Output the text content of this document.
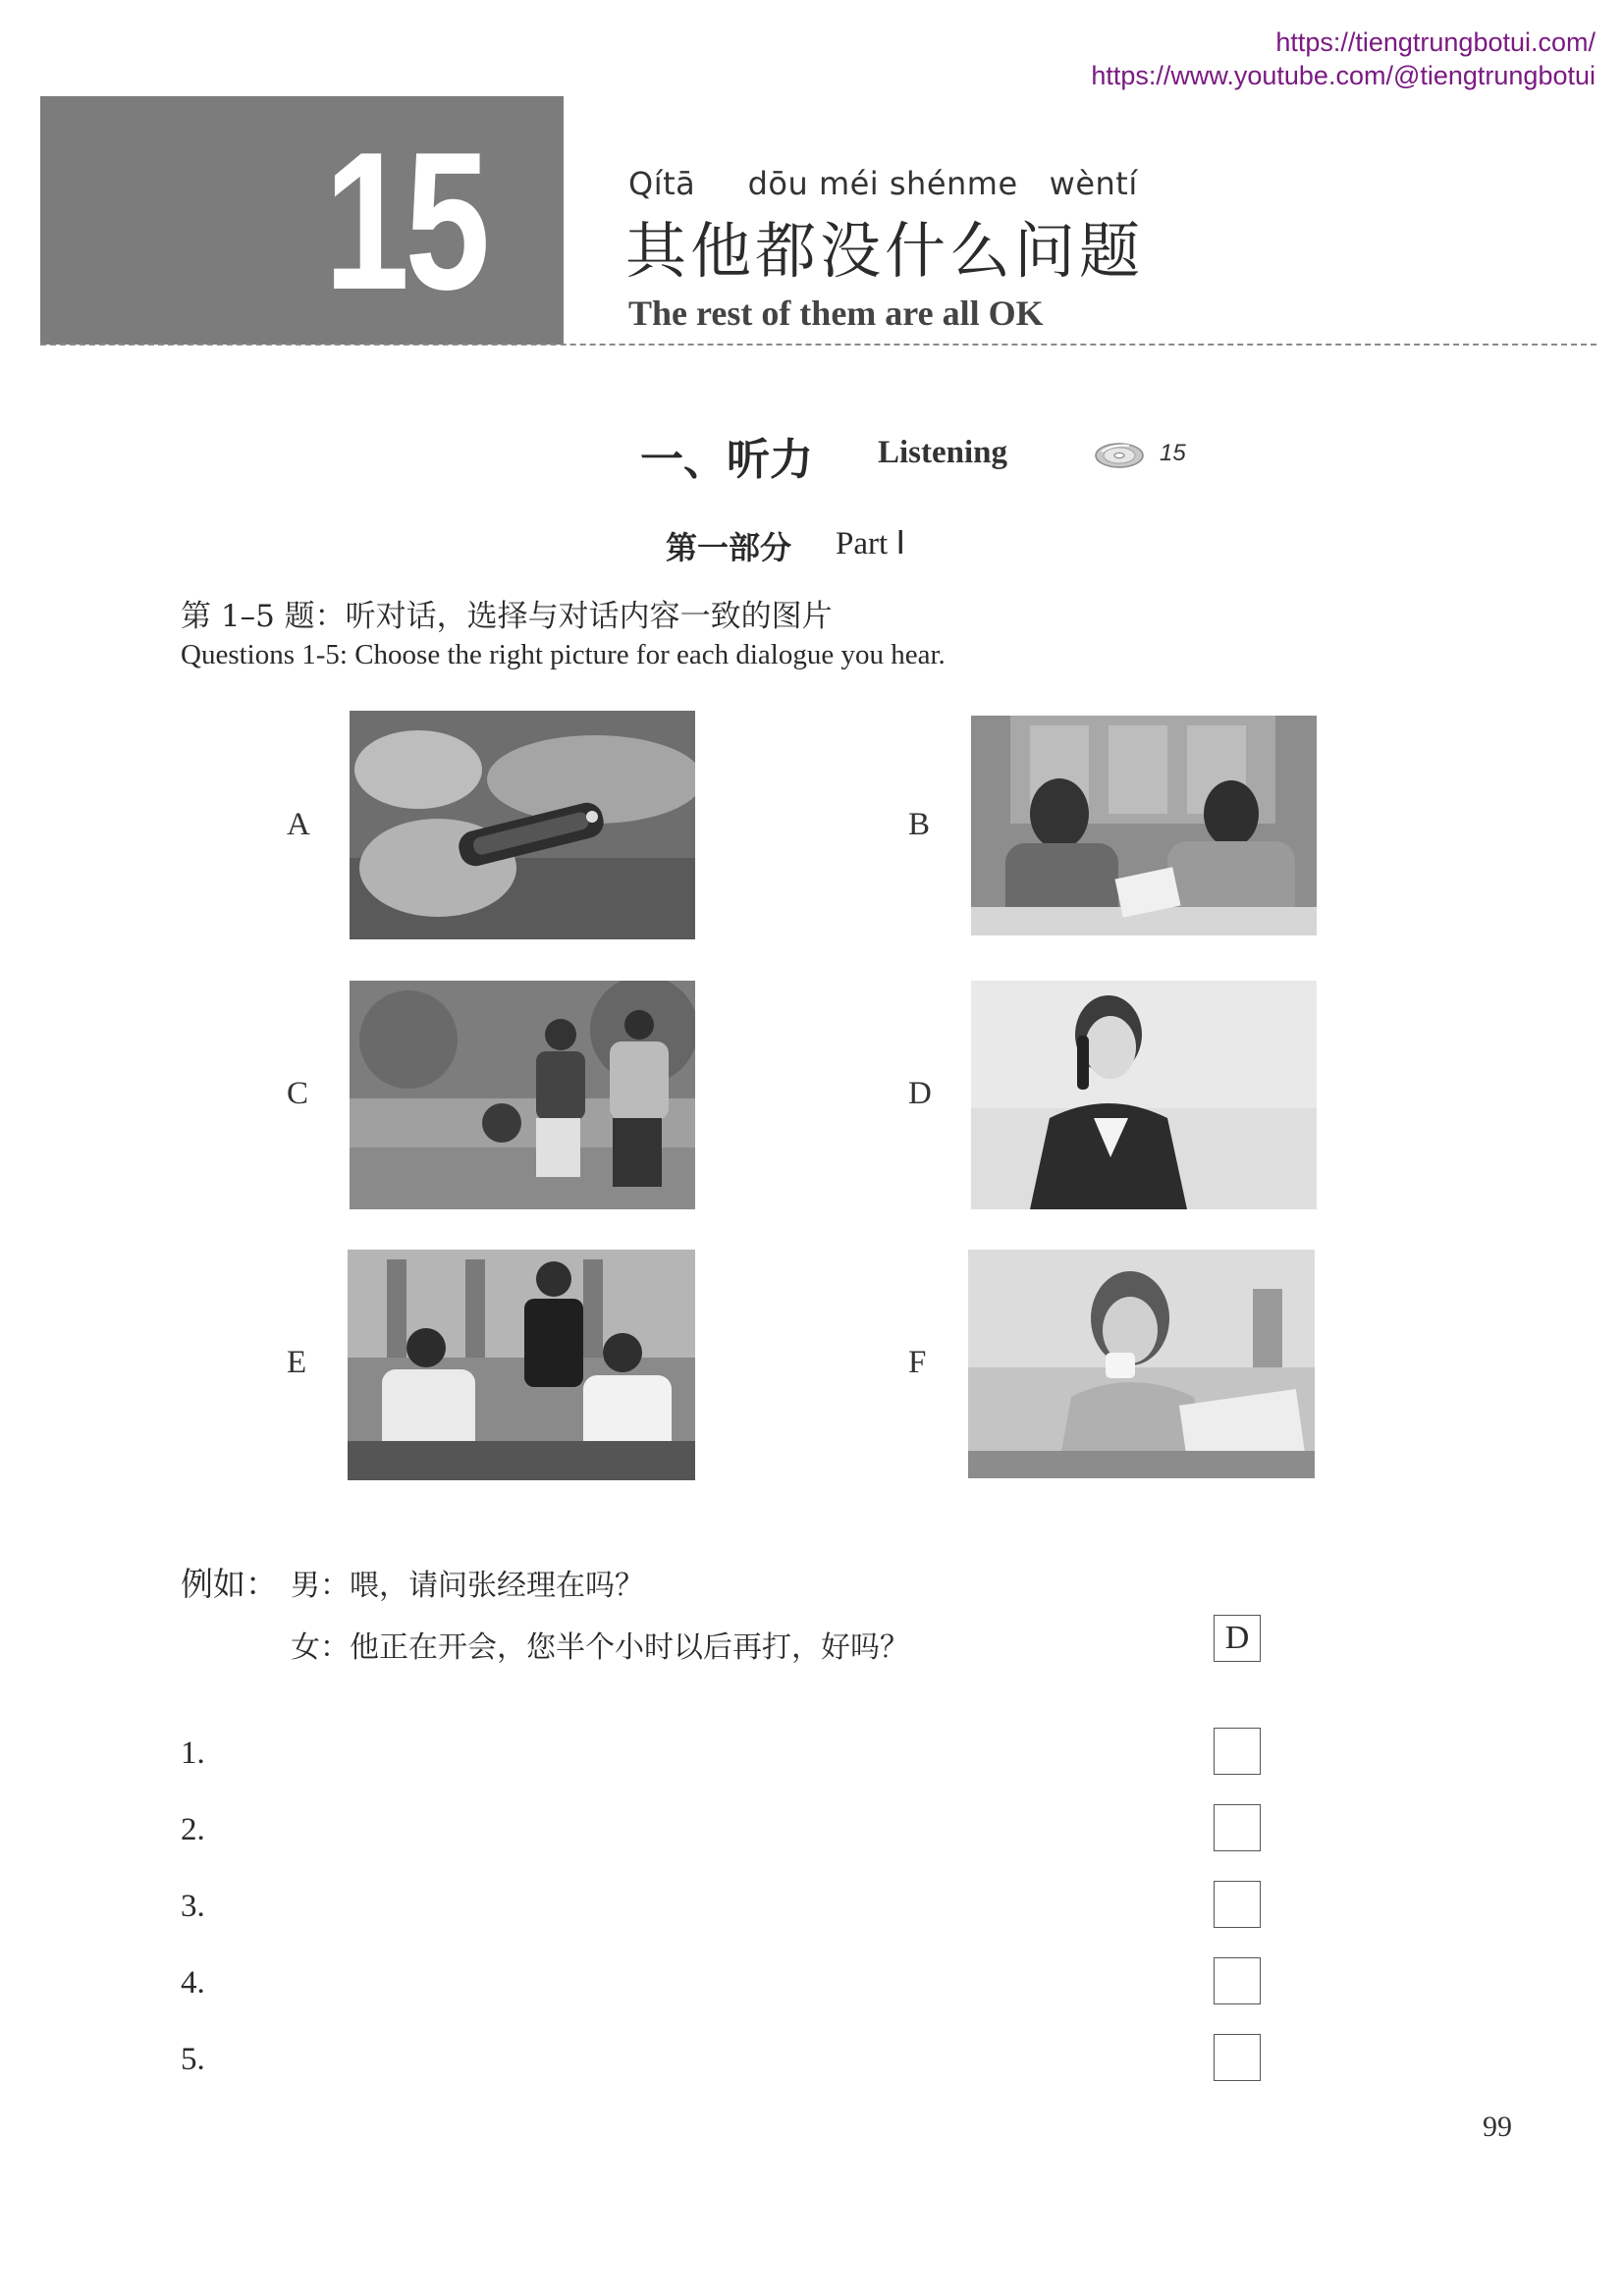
https://tiengtrungbotui.com/
https://www.youtube.com/@tiengtrungbotui
15	Qítā     dōu méi shénme   wèntí
其他都没什么问题
The rest of them are all OK
一、听力 Listening	15
第一部分 Part Ⅰ
第 1–5 题：听对话，选择与对话内容一致的图片
Questions 1-5: Choose the right picture for each dialogue you hear.
A	B
C	D
E	F
例如： 男：喂，请问张经理在吗？
女：他正在开会，您半个小时以后再打，好吗？	D
1.
2.
3.
4.
5.
99
